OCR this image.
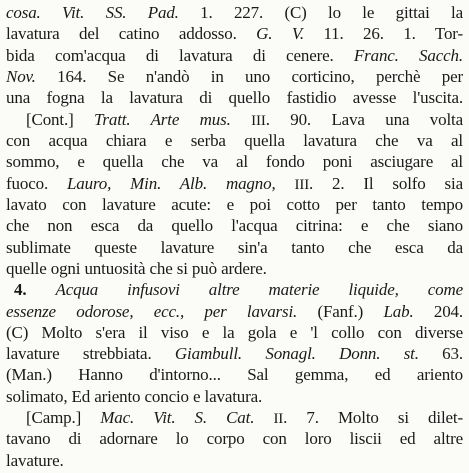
cosa. Vit. SS. Pad. 1. 227. (C) lo le gittai la
lavatura del catino addosso. G. V. 11. 26. 1. Tor-
bida com'acqua di lavatura di cenere. Franc. Sacch.
Nov. 164. Se n'andò in uno corticino, perchè per
una fogna la lavatura di quello fastidio avesse l'uscita.
[Cont.] Tratt. Arte mus. III. 90. Lava una volta
con acqua chiara e serba quella lavatura che va al
sommo, e quella che va al fondo poni asciugare al
fuoco. Lauro, Min. Alb. magno, III. 2. Il solfo sia
lavato con lavature acute: e poi cotto per tanto tempo
che non esca da quello l'acqua citrina: e che siano
sublimate queste lavature sin'a tanto che esca da
quelle ogni untuosità che si può ardere.
4. Acqua infusovi altre materie liquide, come
essenze odorose, ecc., per lavarsi. (Fanf.) Lab. 204.
(C) Molto s'era il viso e la gola e 'l collo con diverse
lavature strebbiata. Giambull. Sonagl. Donn. st. 63.
(Man.) Hanno d'intorno... Sal gemma, ed ariento
solimato, Ed ariento concio e lavatura.
[Camp.] Mac. Vit. S. Cat. II. 7. Molto si dilet-
tavano di adornare lo corpo con loro liscii ed altre
lavature.
